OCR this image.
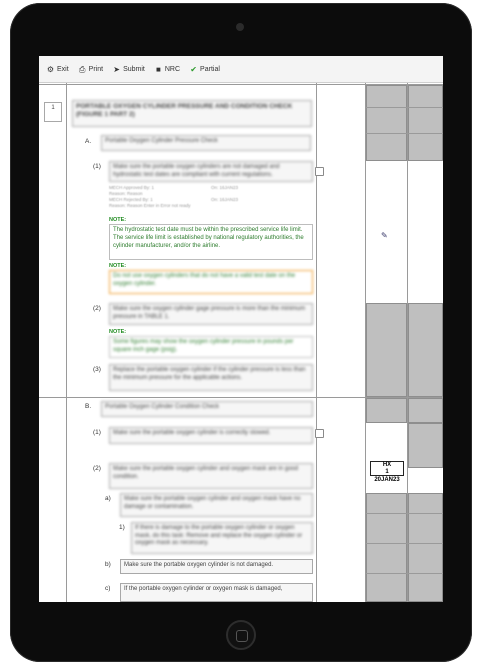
⚙ Exit ⎙ Print ➤ Submit ■ NRC ✔ Partial
1
✎
HX
1
20JAN23
PORTABLE OXYGEN CYLINDER PRESSURE AND CONDITION CHECK (FIGURE 1 PART 2)
A.	Portable Oxygen Cylinder Pressure Check
(1)	Make sure the portable oxygen cylinders are not damaged and hydrostatic test dates are compliant with current regulations.
MECH Approved By: 1
Reason: Reason
MECH Rejected By: 1
Reason: Reason Enter in Error not ready
On: 16JAN23

On: 16JAN23
NOTE:
The hydrostatic test date must be within the prescribed service life limit. The service life limit is established by national regulatory authorities, the cylinder manufacturer, and/or the airline.
NOTE:
Do not use oxygen cylinders that do not have a valid test date on the oxygen cylinder.
(2)	Make sure the oxygen cylinder gage pressure is more than the minimum pressure in TABLE 1.
NOTE:
Some figures may show the oxygen cylinder pressure in pounds per square inch gage (psig).
(3)	Replace the portable oxygen cylinder if the cylinder pressure is less than the minimum pressure for the applicable actions.
B.	Portable Oxygen Cylinder Condition Check
(1)	Make sure the portable oxygen cylinder is correctly stowed.
(2)	Make sure the portable oxygen cylinder and oxygen mask are in good condition.
a)	Make sure the portable oxygen cylinder and oxygen mask have no damage or contamination.
1)	If there is damage to the portable oxygen cylinder or oxygen mask, do this task: Remove and replace the oxygen cylinder or oxygen mask as necessary.
b)	Make sure the portable oxygen cylinder is not damaged.
c)	If the portable oxygen cylinder or oxygen mask is damaged,
